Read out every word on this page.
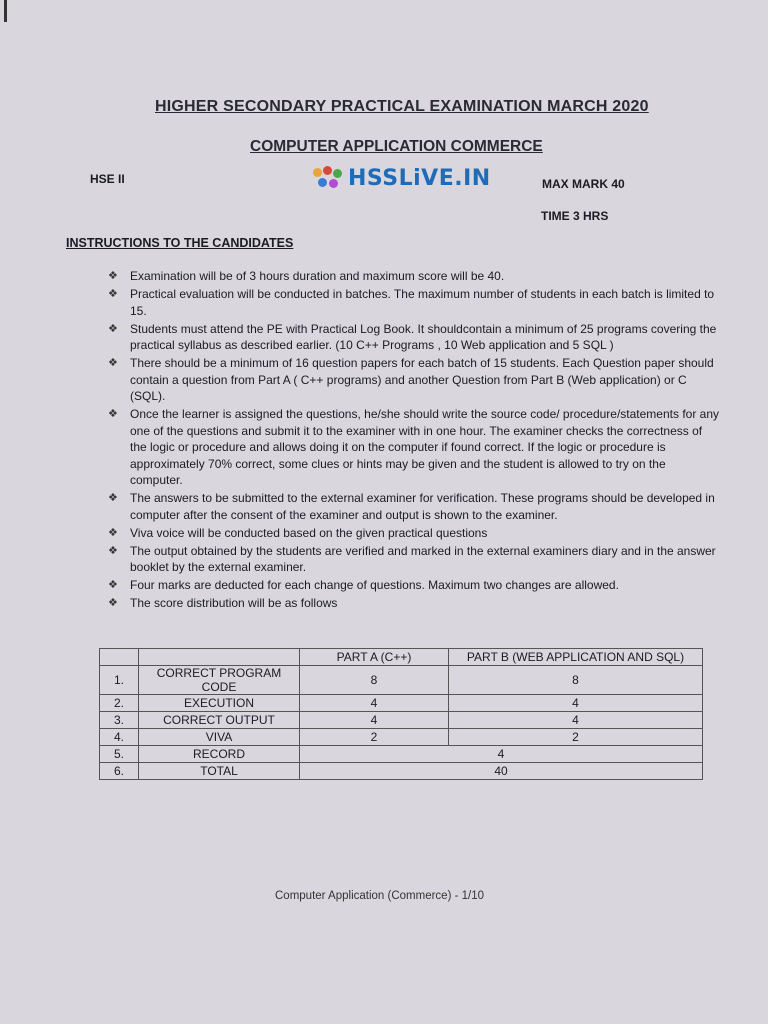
HIGHER SECONDARY PRACTICAL EXAMINATION MARCH 2020
COMPUTER APPLICATION COMMERCE
HSE II	HSSLiVE.IN	MAX MARK 40
TIME 3 HRS
INSTRUCTIONS TO THE CANDIDATES
❖ Examination will be of 3 hours duration and maximum score will be 40.
❖ Practical evaluation will be conducted in batches. The maximum number of students in each batch is limited to 15.
❖ Students must attend the PE with Practical Log Book. It shouldcontain a minimum of 25 programs covering the practical syllabus as described earlier. (10 C++ Programs , 10 Web application and 5 SQL )
❖ There should be a minimum of 16 question papers for each batch of 15 students. Each Question paper should contain a question from Part A ( C++ programs) and another Question from Part B (Web application) or C (SQL).
❖ Once the learner is assigned the questions, he/she should write the source code/ procedure/statements for any one of the questions and submit it to the examiner with in one hour. The examiner checks the correctness of the logic or procedure and allows doing it on the computer if found correct. If the logic or procedure is approximately 70% correct, some clues or hints may be given and the student is allowed to try on the computer.
❖ The answers to be submitted to the external examiner for verification. These programs should be developed in computer after the consent of the examiner and output is shown to the examiner.
❖ Viva voice will be conducted based on the given practical questions
❖ The output obtained by the students are verified and marked in the external examiners diary and in the answer booklet by the external examiner.
❖ Four marks are deducted for each change of questions. Maximum two changes are allowed.
❖ The score distribution will be as follows
		PART A (C++)	PART B (WEB APPLICATION AND SQL)
1.	CORRECT PROGRAM CODE	8	8
2.	EXECUTION	4	4
3.	CORRECT OUTPUT	4	4
4.	VIVA	2	2
5.	RECORD	4	
6.	TOTAL	40	
Computer Application (Commerce) - 1/10
